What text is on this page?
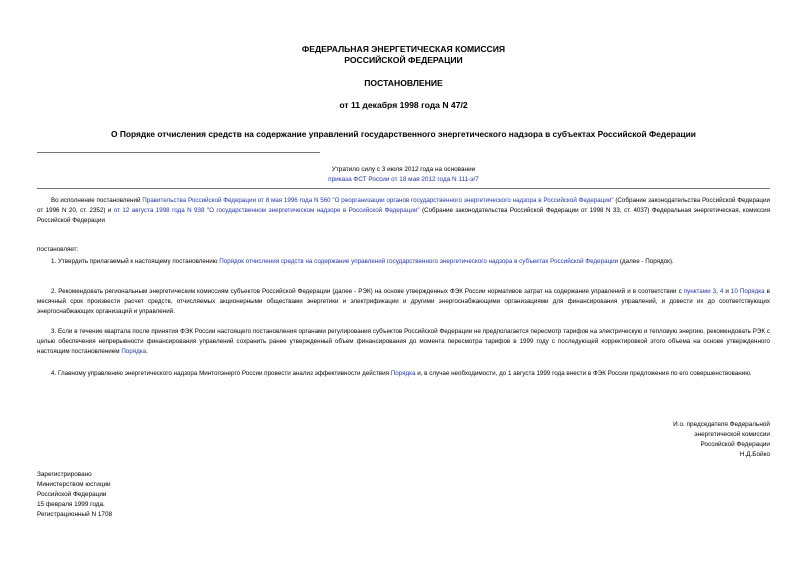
ФЕДЕРАЛЬНАЯ ЭНЕРГЕТИЧЕСКАЯ КОМИССИЯ
РОССИЙСКОЙ ФЕДЕРАЦИИ
ПОСТАНОВЛЕНИЕ
от 11 декабря 1998 года N 47/2
О Порядке отчисления средств на содержание управлений государственного энергетического надзора в субъектах Российской Федерации
Утратило силу с 3 июля 2012 года на основании
приказа ФСТ России от 18 мая 2012 года N 111-э/7
Во исполнение постановлений Правительства Российской Федерации от 8 мая 1996 года N 560 "О реорганизации органов государственного энергетического надзора в Российской Федерации" (Собрание законодательства Российской Федерации от 1996 N 20, ст. 2352) и от 12 августа 1998 года N 938 "О государственном энергетическом надзоре в Российской Федерации" (Собрание законодательства Российской Федерации от 1998 N 33, ст. 4037) Федеральная энергетическая, комиссия Российской Федерации
постановляет:
1. Утвердить прилагаемый к настоящему постановлению Порядок отчисления средств на содержание управлений государственного энергетического надзора в субъектах Российской Федерации (далее - Порядок).
2. Рекомендовать региональным энергетическим комиссиям субъектов Российской Федерации (далее - РЭК) на основе утвержденных ФЭК России нормативов затрат на содержание управлений и в соответствии с пунктами 3, 4 и 10 Порядка в месячный срок произвести расчет средств, отчисляемых акционерными обществами энергетики и электрификации и другими энергоснабжающими организациями для финансирования управлений, и довести их до соответствующих энергоснабжающих организаций и управлений.
3. Если в течение квартала после принятия ФЭК России настоящего постановления органами регулирования субъектов Российской Федерации не предполагается пересмотр тарифов на электрическую и тепловую энергию, рекомендовать РЭК с целью обеспечения непрерывности финансирования управлений сохранить ранее утвержденный объем финансирования до момента пересмотра тарифов в 1999 году с последующей корректировкой этого объема на основе утвержденного настоящим постановлением Порядка.
4. Главному управлению энергетического надзора Минтопэнерго России провести анализ эффективности действия Порядка и, в случае необходимости, до 1 августа 1999 года внести в ФЭК России предложения по его совершенствованию.
И.о. председателя Федеральной
энергетической комиссии
Российской Федерации
Н.Д.Бойко
Зарегистрировано
Министерством юстиции
Российской Федерации
15 февраля 1999 года,
Регистрационный N 1708
